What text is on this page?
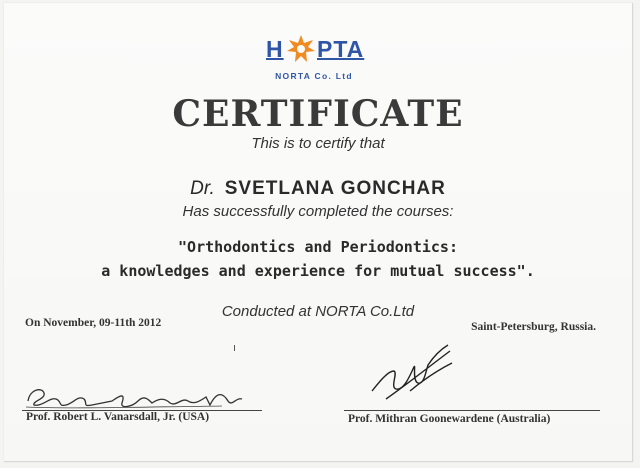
H PTA
NORTA Co. Ltd
CERTIFICATE
This is to certify that
Dr. SVETLANA GONCHAR
Has successfully completed the courses:
"Orthodontics and Periodontics:
a knowledges and experience for mutual success".
Conducted at NORTA Co.Ltd
On November, 09-11th 2012	Saint-Petersburg, Russia.
Prof. Robert L. Vanarsdall, Jr. (USA)	Prof. Mithran Goonewardene (Australia)
